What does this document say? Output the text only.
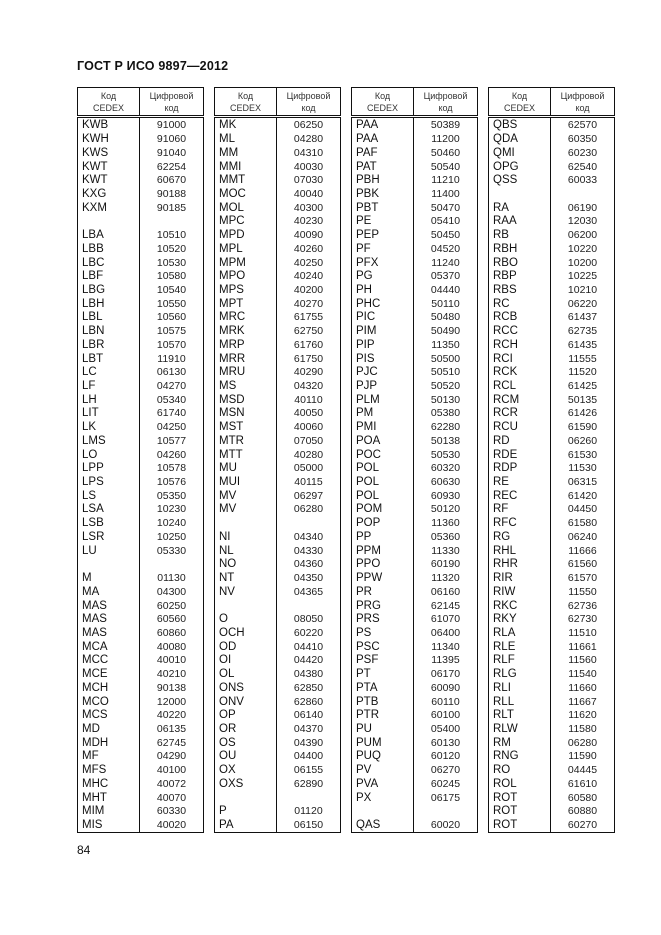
ГОСТ Р ИСО 9897—2012
Код
CEDEX	Цифровой
код
KWB	91000
KWH	91060
KWS	91040
KWT	62254
KWT	60670
KXG	90188
KXM	90185

LBA	10510
LBB	10520
LBC	10530
LBF	10580
LBG	10540
LBH	10550
LBL	10560
LBN	10575
LBR	10570
LBT	11910
LC	06130
LF	04270
LH	05340
LIT	61740
LK	04250
LMS	10577
LO	04260
LPP	10578
LPS	10576
LS	05350
LSA	10230
LSB	10240
LSR	10250
LU	05330

M	01130
MA	04300
MAS	60250
MAS	60560
MAS	60860
MCA	40080
MCC	40010
MCE	40210
MCH	90138
MCO	12000
MCS	40220
MD	06135
MDH	62745
MF	04290
MFS	40100
MHC	40072
MHT	40070
MIM	60330
MIS	40020
Код
CEDEX	Цифровой
код
MK	06250
ML	04280
MM	04310
MMI	40030
MMT	07030
MOC	40040
MOL	40300
MPC	40230
MPD	40090
MPL	40260
MPM	40250
MPO	40240
MPS	40200
MPT	40270
MRC	61755
MRK	62750
MRP	61760
MRR	61750
MRU	40290
MS	04320
MSD	40110
MSN	40050
MST	40060
MTR	07050
MTT	40280
MU	05000
MUI	40115
MV	06297
MV	06280

NI	04340
NL	04330
NO	04360
NT	04350
NV	04365

O	08050
OCH	60220
OD	04410
OI	04420
OL	04380
ONS	62850
ONV	62860
OP	06140
OR	04370
OS	04390
OU	04400
OX	06155
OXS	62890

P	01120
PA	06150
Код
CEDEX	Цифровой
код
PAA	50389
PAA	11200
PAF	50460
PAT	50540
PBH	11210
PBK	11400
PBT	50470
PE	05410
PEP	50450
PF	04520
PFX	11240
PG	05370
PH	04440
PHC	50110
PIC	50480
PIM	50490
PIP	11350
PIS	50500
PJC	50510
PJP	50520
PLM	50130
PM	05380
PMI	62280
POA	50138
POC	50530
POL	60320
POL	60630
POL	60930
POM	50120
POP	11360
PP	05360
PPM	11330
PPO	60190
PPW	11320
PR	06160
PRG	62145
PRS	61070
PS	06400
PSC	11340
PSF	11395
PT	06170
PTA	60090
PTB	60110
PTR	60100
PU	05400
PUM	60130
PUQ	60120
PV	06270
PVA	60245
PX	06175

QAS	60020
Код
CEDEX	Цифровой
код
QBS	62570
QDA	60350
QMI	60230
OPG	62540
QSS	60033

RA	06190
RAA	12030
RB	06200
RBH	10220
RBO	10200
RBP	10225
RBS	10210
RC	06220
RCB	61437
RCC	62735
RCH	61435
RCI	11555
RCK	11520
RCL	61425
RCM	50135
RCR	61426
RCU	61590
RD	06260
RDE	61530
RDP	11530
RE	06315
REC	61420
RF	04450
RFC	61580
RG	06240
RHL	11666
RHR	61560
RIR	61570
RIW	11550
RKC	62736
RKY	62730
RLA	11510
RLE	11661
RLF	11560
RLG	11540
RLI	11660
RLL	11667
RLT	11620
RLW	11580
RM	06280
RNG	11590
RO	04445
ROL	61610
ROT	60580
ROT	60880
ROT	60270
84
